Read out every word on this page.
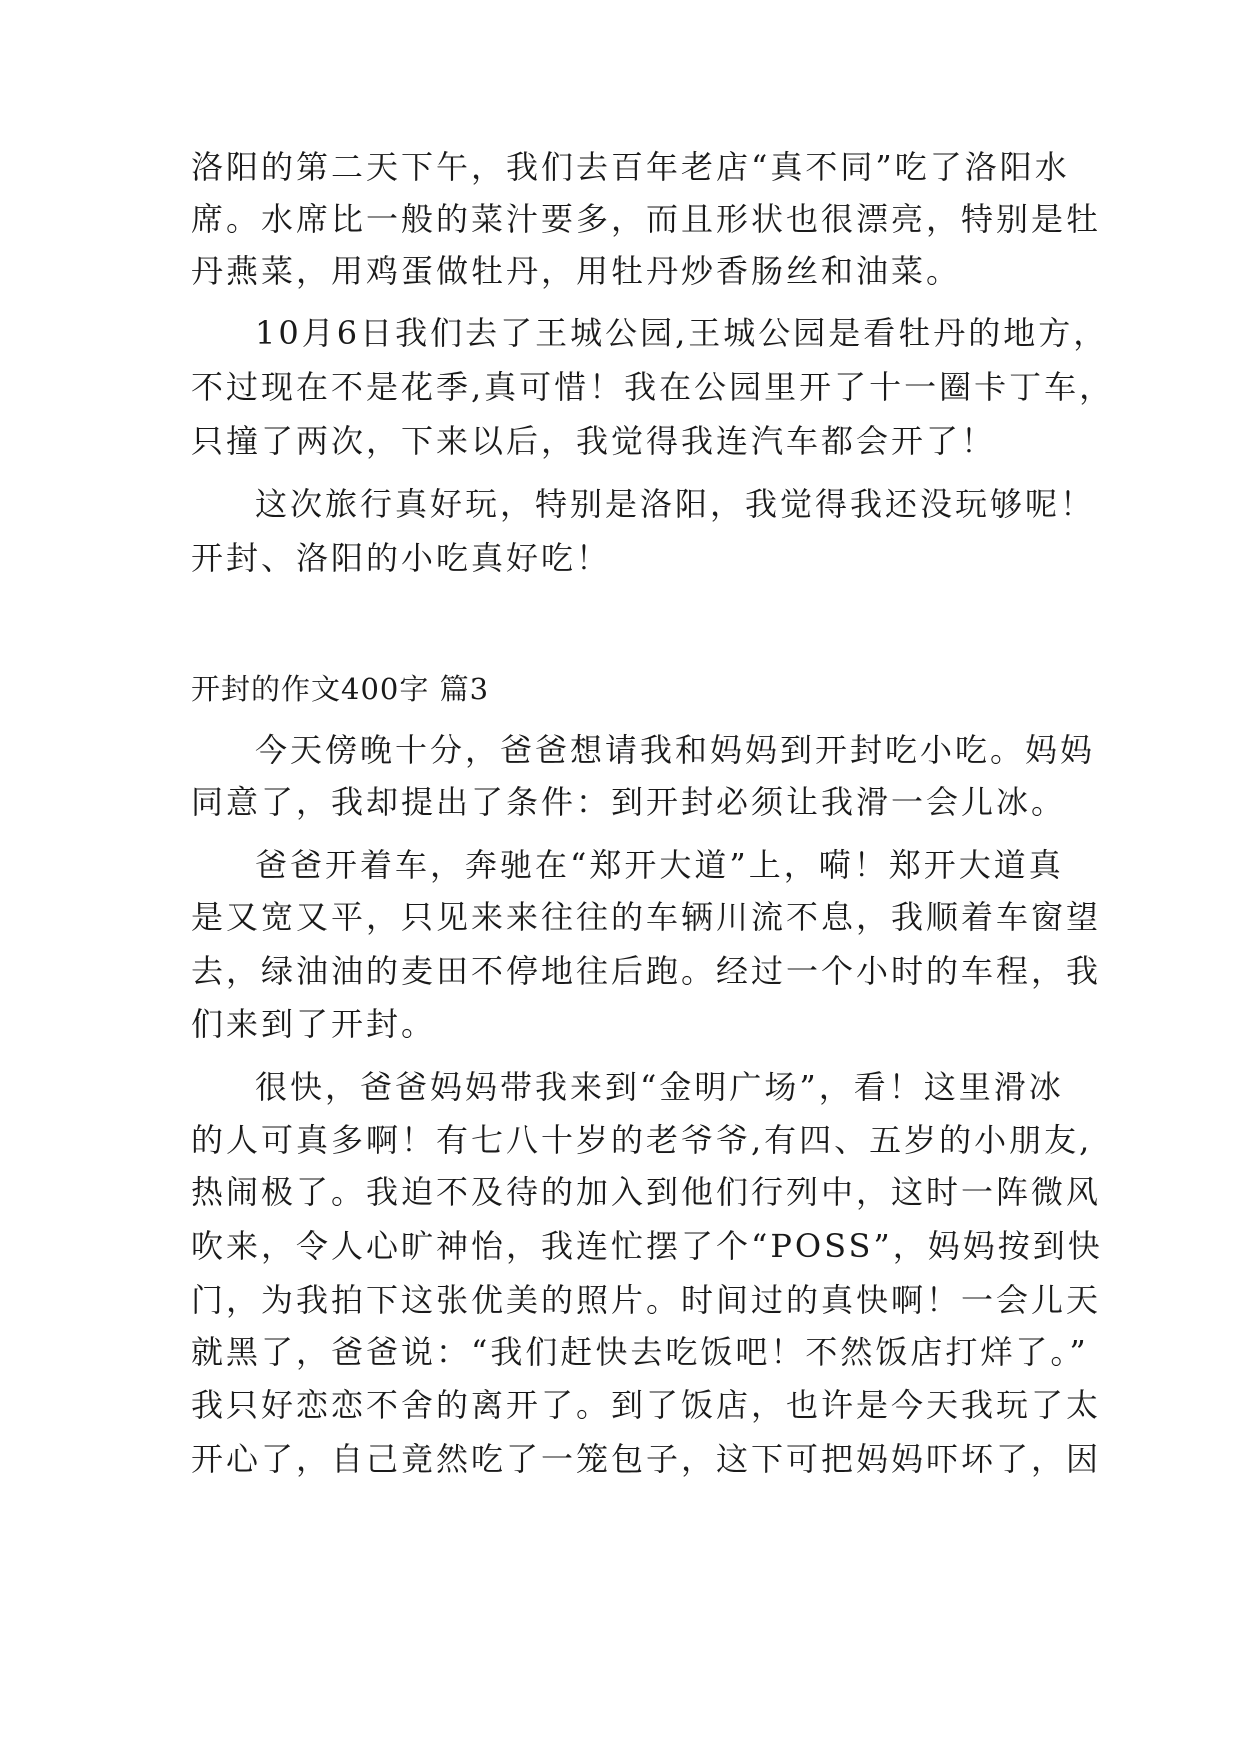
洛阳的第二天下午，我们去百年老店“真不同”吃了洛阳水
席。水席比一般的菜汁要多，而且形状也很漂亮，特别是牡
丹燕菜，用鸡蛋做牡丹，用牡丹炒香肠丝和油菜。
10月6日我们去了王城公园,王城公园是看牡丹的地方，
不过现在不是花季,真可惜！我在公园里开了十一圈卡丁车，
只撞了两次，下来以后，我觉得我连汽车都会开了！
这次旅行真好玩，特别是洛阳，我觉得我还没玩够呢！
开封、洛阳的小吃真好吃！
开封的作文400字 篇3
今天傍晚十分，爸爸想请我和妈妈到开封吃小吃。妈妈
同意了，我却提出了条件：到开封必须让我滑一会儿冰。
爸爸开着车，奔驰在“郑开大道”上，嗬！郑开大道真
是又宽又平，只见来来往往的车辆川流不息，我顺着车窗望
去，绿油油的麦田不停地往后跑。经过一个小时的车程，我
们来到了开封。
很快，爸爸妈妈带我来到“金明广场”，看！这里滑冰
的人可真多啊！有七八十岁的老爷爷,有四、五岁的小朋友,
热闹极了。我迫不及待的加入到他们行列中，这时一阵微风
吹来，令人心旷神怡，我连忙摆了个“POSS”，妈妈按到快
门，为我拍下这张优美的照片。时间过的真快啊！一会儿天
就黑了，爸爸说：“我们赶快去吃饭吧！不然饭店打烊了。”
我只好恋恋不舍的离开了。到了饭店，也许是今天我玩了太
开心了，自己竟然吃了一笼包子，这下可把妈妈吓坏了，因
